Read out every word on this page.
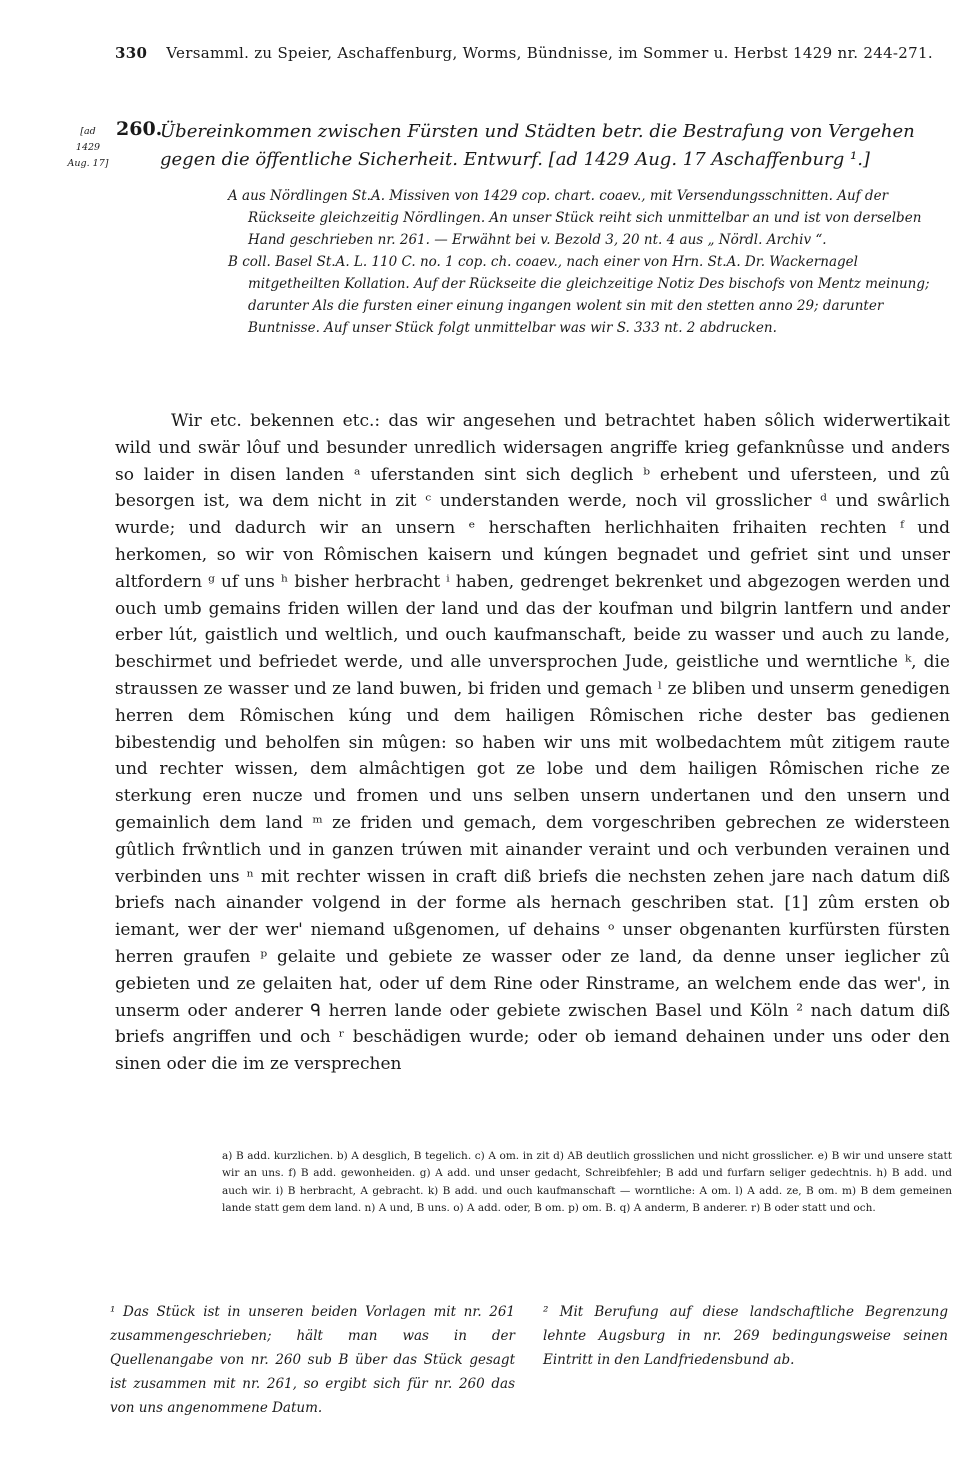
330 Versamml. zu Speier, Aschaffenburg, Worms, Bündnisse, im Sommer u. Herbst 1429 nr. 244-271.
[ad
1429
Aug. 17]
260.
Übereinkommen zwischen Fürsten und Städten betr. die Bestrafung von Vergehen gegen die öffentliche Sicherheit. Entwurf. [ad 1429 Aug. 17 Aschaffenburg ¹.]

A aus Nördlingen St.A. Missiven von 1429 cop. chart. coaev., mit Versendungsschnitten. Auf der Rückseite gleichzeitig Nördlingen. An unser Stück reiht sich unmittelbar an und ist von derselben Hand geschrieben nr. 261. — Erwähnt bei v. Bezold 3, 20 nt. 4 aus „ Nördl. Archiv “.

B coll. Basel St.A. L. 110 C. no. 1 cop. ch. coaev., nach einer von Hrn. St.A. Dr. Wackernagel mitgetheilten Kollation. Auf der Rückseite die gleichzeitige Notiz Des bischofs von Mentz meinung; darunter Als die fursten einer einung ingangen wolent sin mit den stetten anno 29; darunter Buntnisse. Auf unser Stück folgt unmittelbar was wir S. 333 nt. 2 abdrucken.

Wir etc. bekennen etc.: das wir angesehen und betrachtet haben sôlich widerwertikait wild und swär lôuf und besunder unredlich widersagen angriffe krieg gefanknûsse und anders so laider in disen landen ᵃ uferstanden sint sich deglich ᵇ erhebent und ufersteen, und zû besorgen ist, wa dem nicht in zit ᶜ understanden werde, noch vil grosslicher ᵈ und swârlich wurde; und dadurch wir an unsern ᵉ herschaften herlichhaiten frihaiten rechten ᶠ und herkomen, so wir von Rômischen kaisern und kúngen begnadet und gefriet sint und unser altfordern ᵍ uf uns ʰ bisher herbracht ⁱ haben, gedrenget bekrenket und abgezogen werden und ouch umb gemains friden willen der land und das der koufman und bilgrin lantfern und ander erber lút, gaistlich und weltlich, und ouch kaufmanschaft, beide zu wasser und auch zu lande, beschirmet und befriedet werde, und alle unversprochen Jude, geistliche und werntliche ᵏ, die straussen ze wasser und ze land buwen, bi friden und gemach ˡ ze bliben und unserm genedigen herren dem Rômischen kúng und dem hailigen Rômischen riche dester bas gedienen bibestendig und beholfen sin mûgen: so haben wir uns mit wolbedachtem mût zitigem raute und rechter wissen, dem almâchtigen got ze lobe und dem hailigen Rômischen riche ze sterkung eren nucze und fromen und uns selben unsern undertanen und den unsern und gemainlich dem land ᵐ ze friden und gemach, dem vorgeschriben gebrechen ze widersteen gûtlich frŵntlich und in ganzen trúwen mit ainander veraint und och verbunden verainen und verbinden uns ⁿ mit rechter wissen in craft diß briefs die nechsten zehen jare nach datum diß briefs nach ainander volgend in der forme als hernach geschriben stat. [1] zûm ersten ob iemant, wer der wer' niemand ußgenomen, uf dehains ᵒ unser obgenanten kurfürsten fürsten herren graufen ᵖ gelaite und gebiete ze wasser oder ze land, da denne unser iеglicher zû gebieten und ze gelaiten hat, oder uf dem Rine oder Rinstrame, an welchem ende das wer', in unserm oder anderer ᑫ herren lande oder gebiete zwischen Basel und Köln ² nach datum diß briefs angriffen und och ʳ beschädigen wurde; oder ob iemand dehainen under uns oder den sinen oder die im ze versprechen

a) B add. kurzlichen. b) A desglich, B tegelich. c) A om. in zit d) AB deutlich grosslichen und nicht grosslicher. e) B wir und unsere statt wir an uns. f) B add. gewonheiden. g) A add. und unser gedacht, Schreibfehler; B add und furfarn seliger gedechtnis. h) B add. und auch wir. i) B herbracht, A gebracht. k) B add. und ouch kaufmanschaft — worntliche: A om. l) A add. ze, B om. m) B dem gemeinen lande statt gem dem land. n) A und, B uns. o) A add. oder, B om. p) om. B. q) A anderm, B anderer. r) B oder statt und och.

¹ Das Stück ist in unseren beiden Vorlagen mit nr. 261 zusammengeschrieben; hält man was in der Quellenangabe von nr. 260 sub B über das Stück gesagt ist zusammen mit nr. 261, so ergibt sich für nr. 260 das von uns angenommene Datum.
² Mit Berufung auf diese landschaftliche Begrenzung lehnte Augsburg in nr. 269 bedingungsweise seinen Eintritt in den Landfriedensbund ab.
